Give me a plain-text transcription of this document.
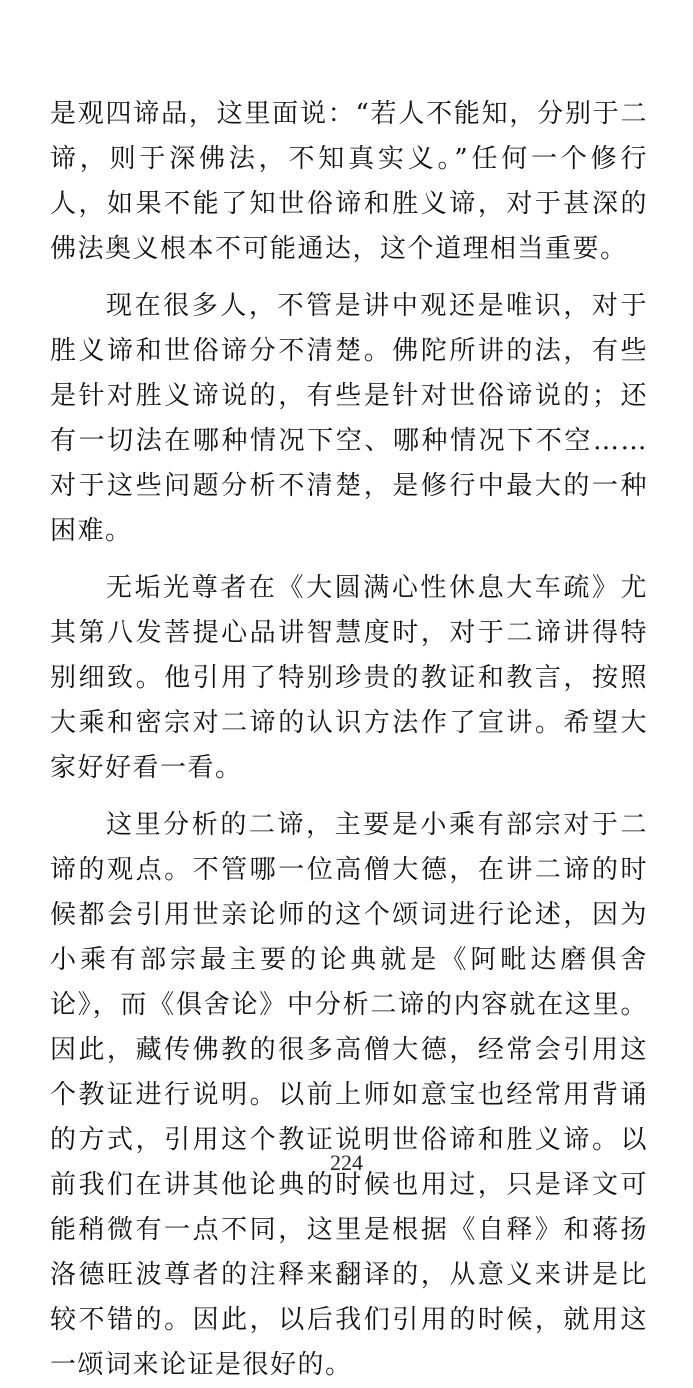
是观四谛品，这里面说：“若人不能知，分别于二谛，则于深佛法，不知真实义。”任何一个修行人，如果不能了知世俗谛和胜义谛，对于甚深的佛法奥义根本不可能通达，这个道理相当重要。

现在很多人，不管是讲中观还是唯识，对于胜义谛和世俗谛分不清楚。佛陀所讲的法，有些是针对胜义谛说的，有些是针对世俗谛说的；还有一切法在哪种情况下空、哪种情况下不空……对于这些问题分析不清楚，是修行中最大的一种困难。

无垢光尊者在《大圆满心性休息大车疏》尤其第八发菩提心品讲智慧度时，对于二谛讲得特别细致。他引用了特别珍贵的教证和教言，按照大乘和密宗对二谛的认识方法作了宣讲。希望大家好好看一看。

这里分析的二谛，主要是小乘有部宗对于二谛的观点。不管哪一位高僧大德，在讲二谛的时候都会引用世亲论师的这个颂词进行论述，因为小乘有部宗最主要的论典就是《阿毗达磨俱舍论》，而《俱舍论》中分析二谛的内容就在这里。因此，藏传佛教的很多高僧大德，经常会引用这个教证进行说明。以前上师如意宝也经常用背诵的方式，引用这个教证说明世俗谛和胜义谛。以前我们在讲其他论典的时候也用过，只是译文可能稍微有一点不同，这里是根据《自释》和蒋扬洛德旺波尊者的注释来翻译的，从意义来讲是比较不错的。因此，以后我们引用的时候，就用这一颂词来论证是很好的。

224
